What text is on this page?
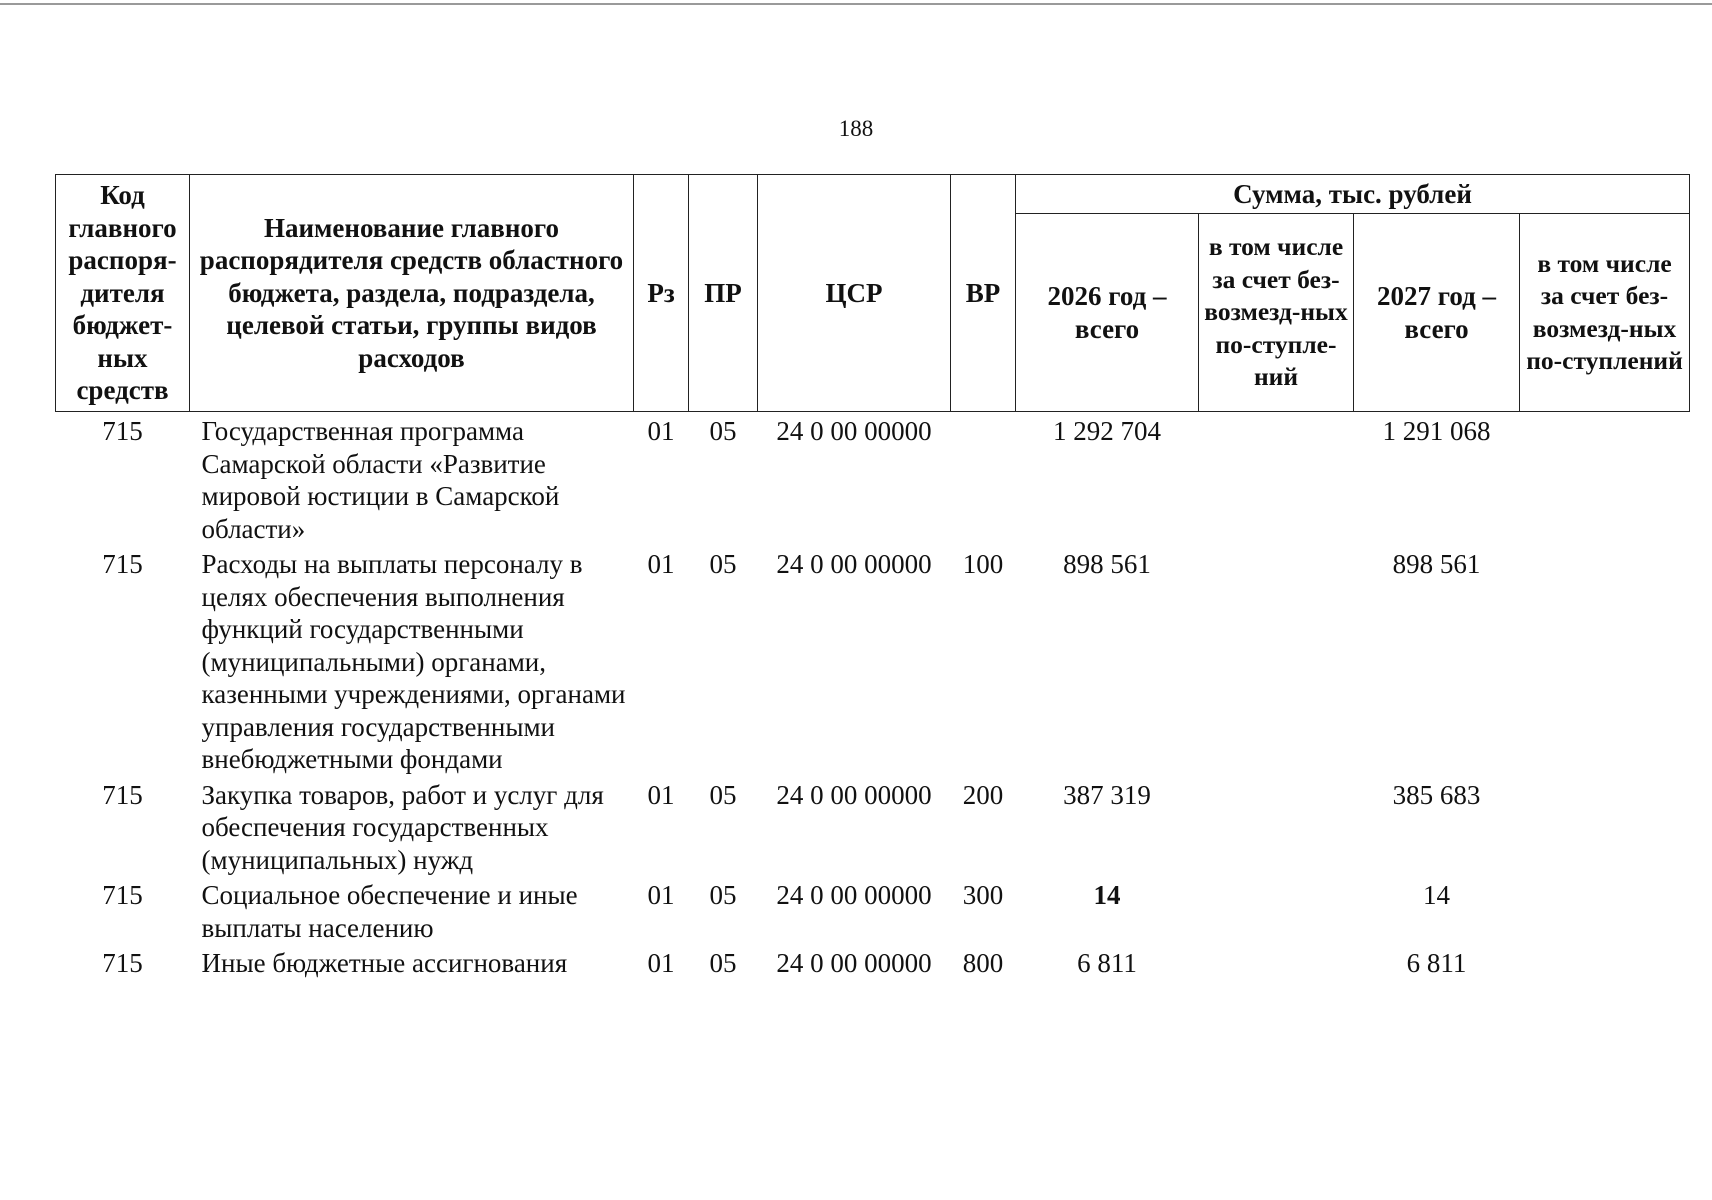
188
Код главного распоря-дителя бюджет-ных средств	Наименование главного распорядителя средств областного бюджета, раздела, подраздела, целевой статьи, группы видов расходов	Рз	ПР	ЦСР	ВР	Сумма, тыс. рублей			
						2026 год – всего	в том числе за счет без-возмезд-ных по-ступле-ний	2027 год – всего	в том числе за счет без-возмезд-ных по-ступлений
715	Государственная программа Самарской области «Развитие мировой юстиции в Самарской области»	01	05	24 0 00 00000		1 292 704		1 291 068	
715	Расходы на выплаты персоналу в целях обеспечения выполнения функций государственными (муниципальными) органами, казенными учреждениями, органами управления государственными внебюджетными фондами	01	05	24 0 00 00000	100	898 561		898 561	
715	Закупка товаров, работ и услуг для обеспечения государственных (муниципальных) нужд	01	05	24 0 00 00000	200	387 319		385 683	
715	Социальное обеспечение и иные выплаты населению	01	05	24 0 00 00000	300	14		14	
715	Иные бюджетные ассигнования	01	05	24 0 00 00000	800	6 811		6 811	
